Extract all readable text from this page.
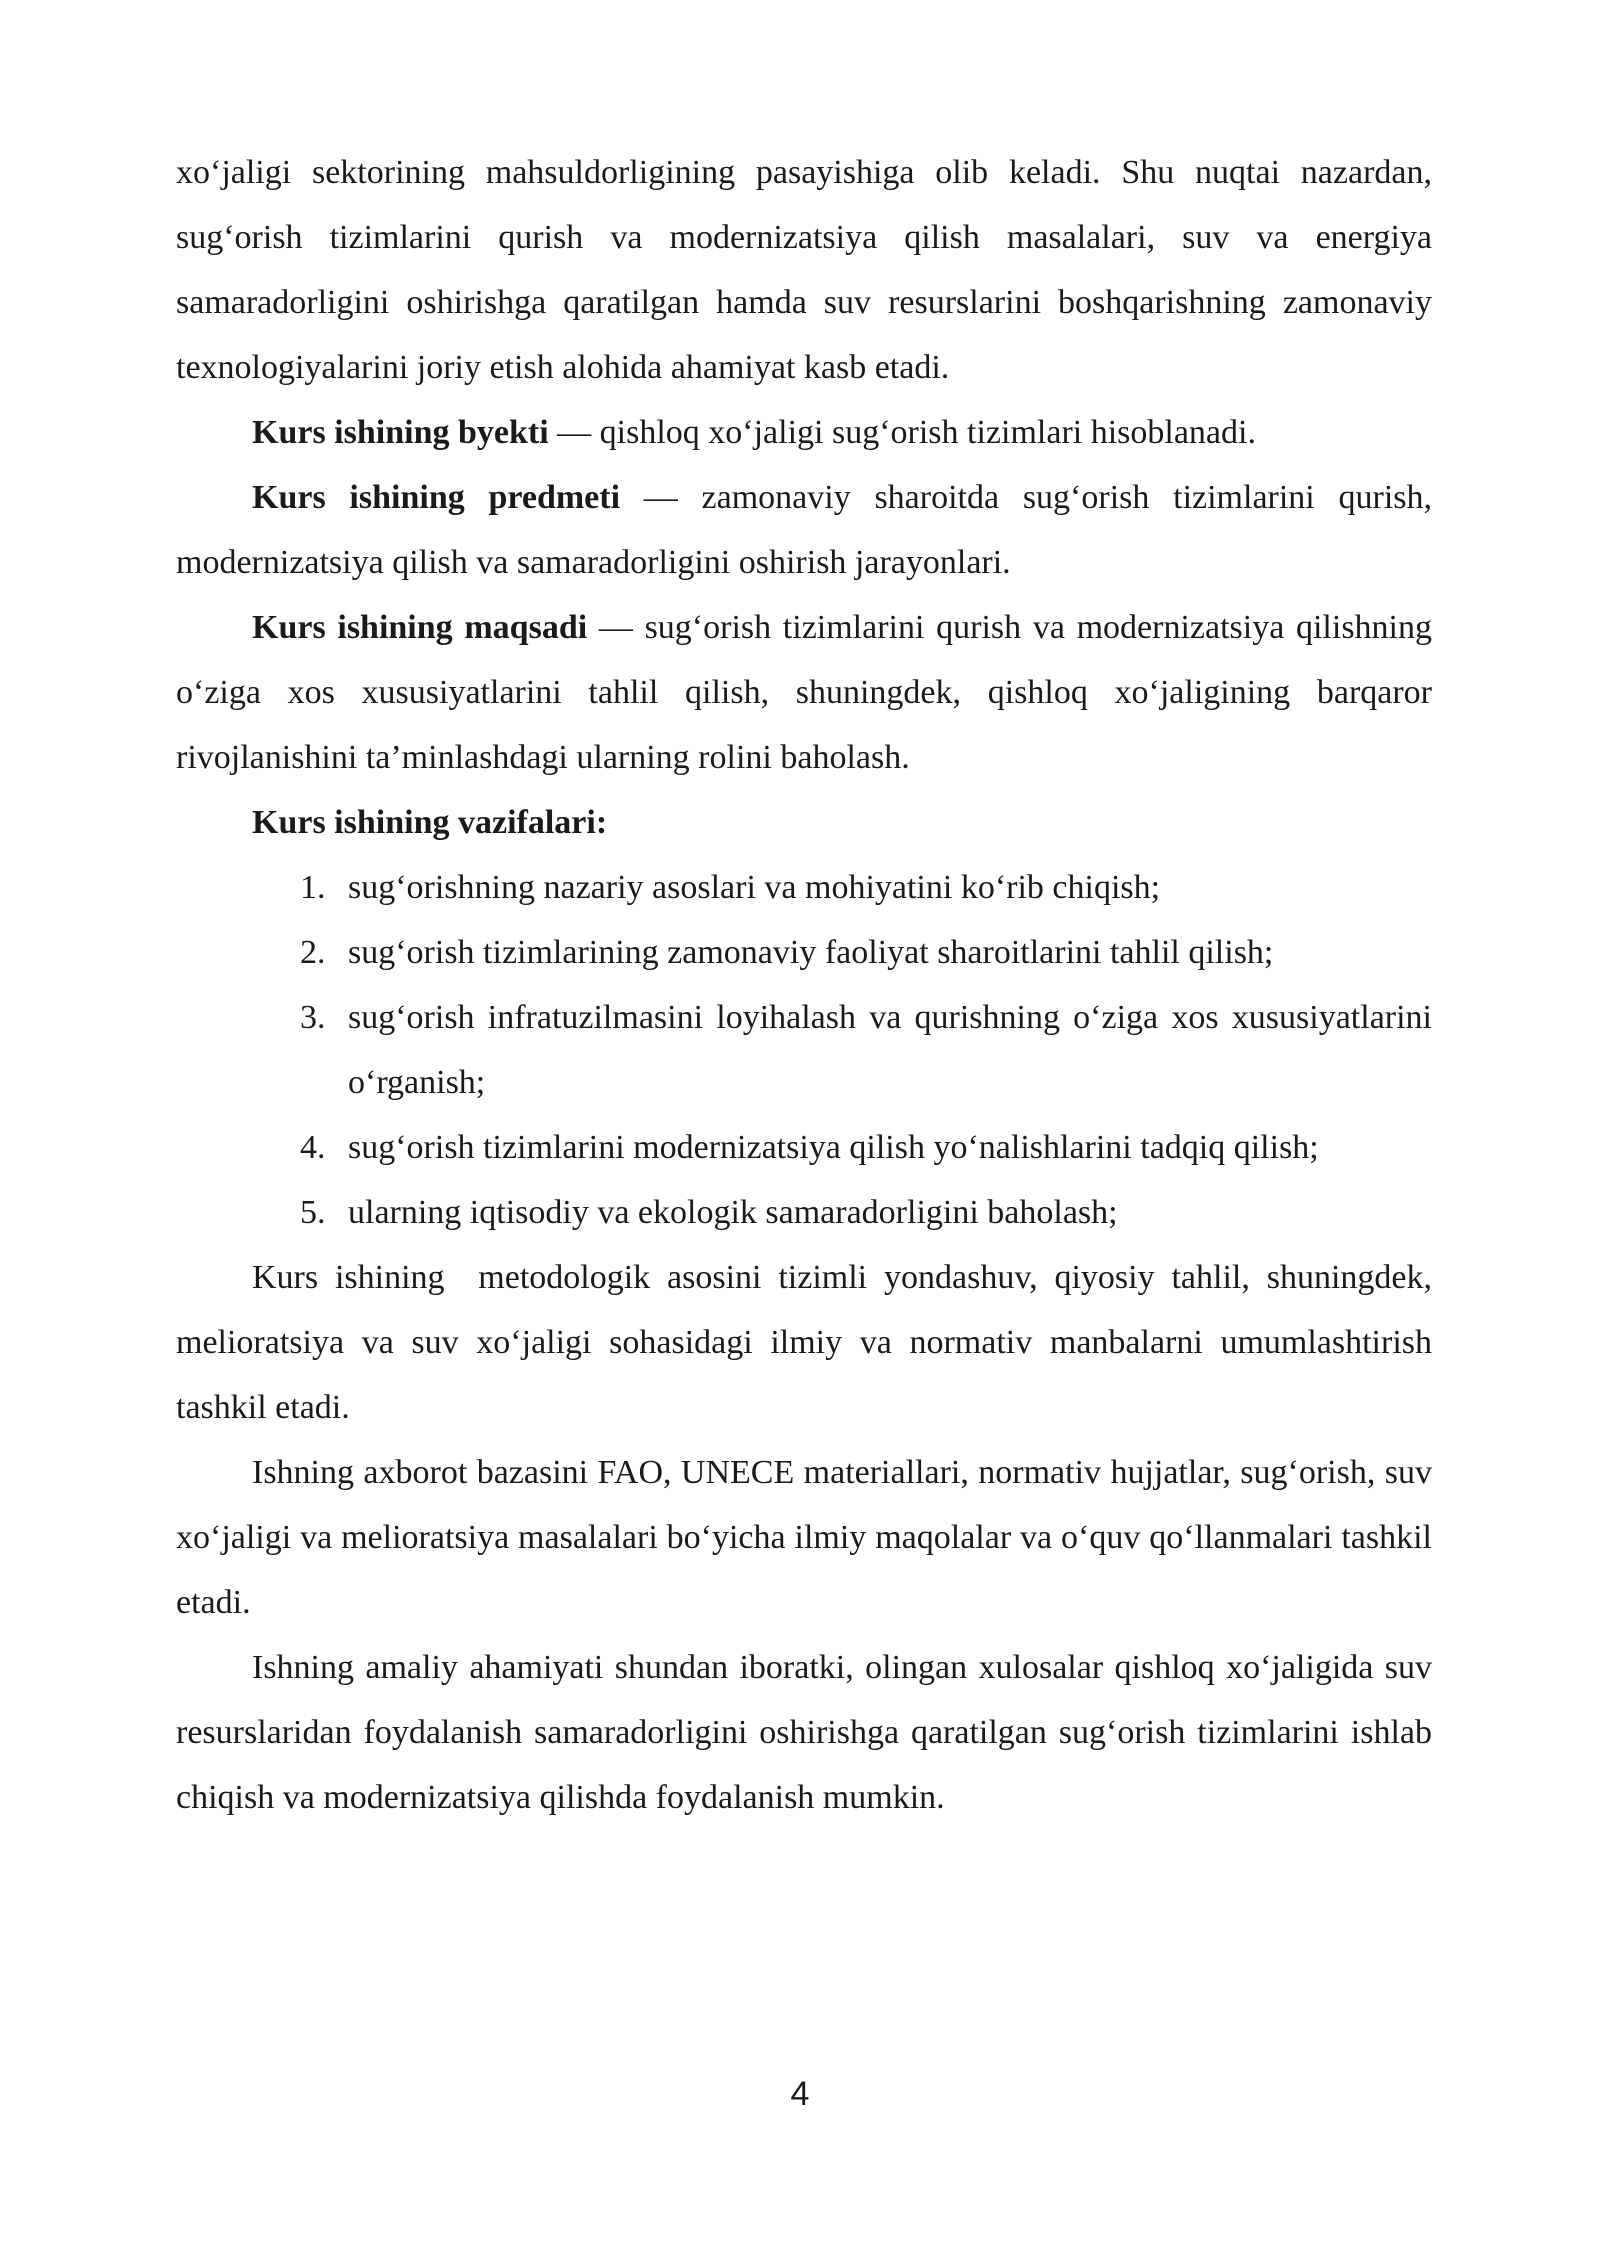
xo‘jaligi sektorining mahsuldorligining pasayishiga olib keladi. Shu nuqtai nazardan, sug‘orish tizimlarini qurish va modernizatsiya qilish masalalari, suv va energiya samaradorligini oshirishga qaratilgan hamda suv resurslarini boshqarishning zamonaviy texnologiyalarini joriy etish alohida ahamiyat kasb etadi.

Kurs ishining byekti — qishloq xo‘jaligi sug‘orish tizimlari hisoblanadi.

Kurs ishining predmeti — zamonaviy sharoitda sug‘orish tizimlarini qurish, modernizatsiya qilish va samaradorligini oshirish jarayonlari.

Kurs ishining maqsadi — sug‘orish tizimlarini qurish va modernizatsiya qilishning o‘ziga xos xususiyatlarini tahlil qilish, shuningdek, qishloq xo‘jaligining barqaror rivojlanishini ta’minlashdagi ularning rolini baholash.

Kurs ishining vazifalari:

1. sug‘orishning nazariy asoslari va mohiyatini ko‘rib chiqish;
2. sug‘orish tizimlarining zamonaviy faoliyat sharoitlarini tahlil qilish;
3. sug‘orish infratuzilmasini loyihalash va qurishning o‘ziga xos xususiyatlarini o‘rganish;
4. sug‘orish tizimlarini modernizatsiya qilish yo‘nalishlarini tadqiq qilish;
5. ularning iqtisodiy va ekologik samaradorligini baholash;

Kurs ishining  metodologik asosini tizimli yondashuv, qiyosiy tahlil, shuningdek, melioratsiya va suv xo‘jaligi sohasidagi ilmiy va normativ manbalarni umumlashtirish tashkil etadi.

Ishning axborot bazasini FAO, UNECE materiallari, normativ hujjatlar, sug‘orish, suv xo‘jaligi va melioratsiya masalalari bo‘yicha ilmiy maqolalar va o‘quv qo‘llanmalari tashkil etadi.

Ishning amaliy ahamiyati shundan iboratki, olingan xulosalar qishloq xo‘jaligida suv resurslaridan foydalanish samaradorligini oshirishga qaratilgan sug‘orish tizimlarini ishlab chiqish va modernizatsiya qilishda foydalanish mumkin.

4
